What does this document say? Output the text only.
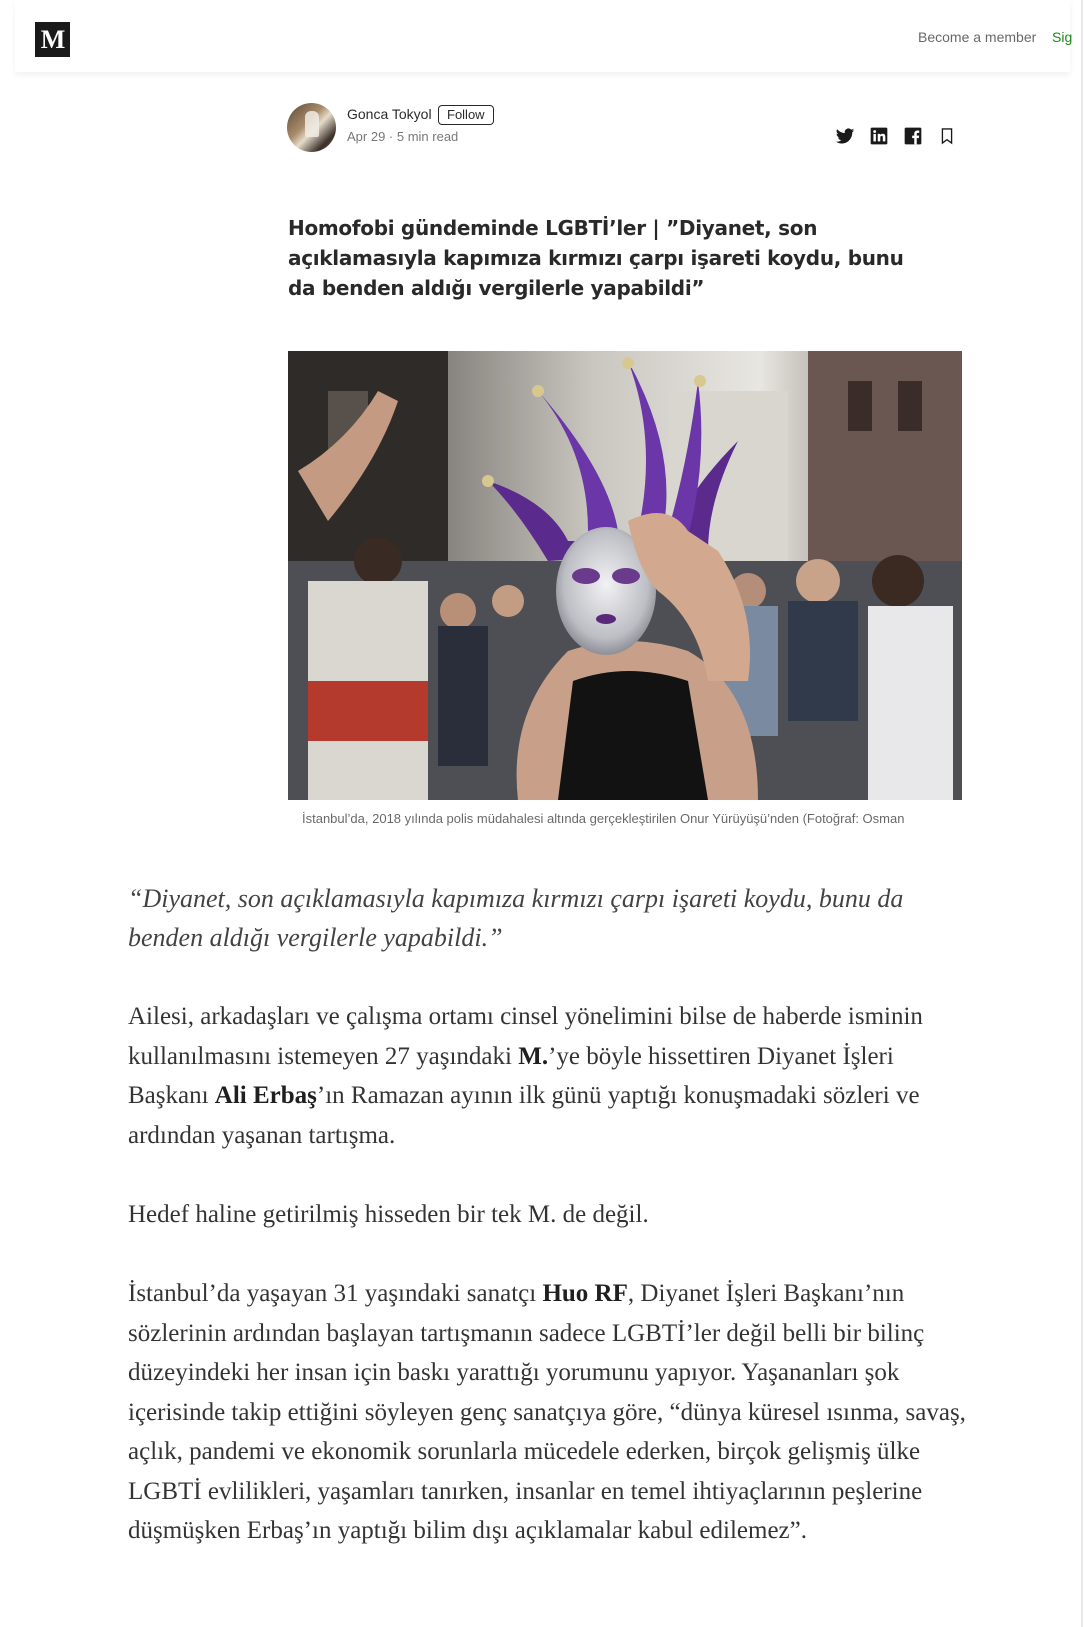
M	Become a member Sig
Gonca Tokyol	Follow
Apr 29 · 5 min read
Homofobi gündeminde LGBTİ’ler | ”Diyanet, son açıklamasıyla kapımıza kırmızı çarpı işareti koydu, bunu da benden aldığı vergilerle yapabildi”

İstanbul’da, 2018 yılında polis müdahalesi altında gerçekleştirilen Onur Yürüyüşü’nden (Fotoğraf: Osman

“Diyanet, son açıklamasıyla kapımıza kırmızı çarpı işareti koydu, bunu da benden aldığı vergilerle yapabildi.”

Ailesi, arkadaşları ve çalışma ortamı cinsel yönelimini bilse de haberde isminin kullanılmasını istemeyen 27 yaşındaki M.’ye böyle hissettiren Diyanet İşleri Başkanı Ali Erbaş’ın Ramazan ayının ilk günü yaptığı konuşmadaki sözleri ve ardından yaşanan tartışma.

Hedef haline getirilmiş hisseden bir tek M. de değil.

İstanbul’da yaşayan 31 yaşındaki sanatçı Huo RF, Diyanet İşleri Başkanı’nın sözlerinin ardından başlayan tartışmanın sadece LGBTİ’ler değil belli bir bilinç düzeyindeki her insan için baskı yarattığı yorumunu yapıyor. Yaşananları şok içerisinde takip ettiğini söyleyen genç sanatçıya göre, “dünya küresel ısınma, savaş, açlık, pandemi ve ekonomik sorunlarla mücedele ederken, birçok gelişmiş ülke LGBTİ evlilikleri, yaşamları tanırken, insanlar en temel ihtiyaçlarının peşlerine düşmüşken Erbaş’ın yaptığı bilim dışı açıklamalar kabul edilemez”.
